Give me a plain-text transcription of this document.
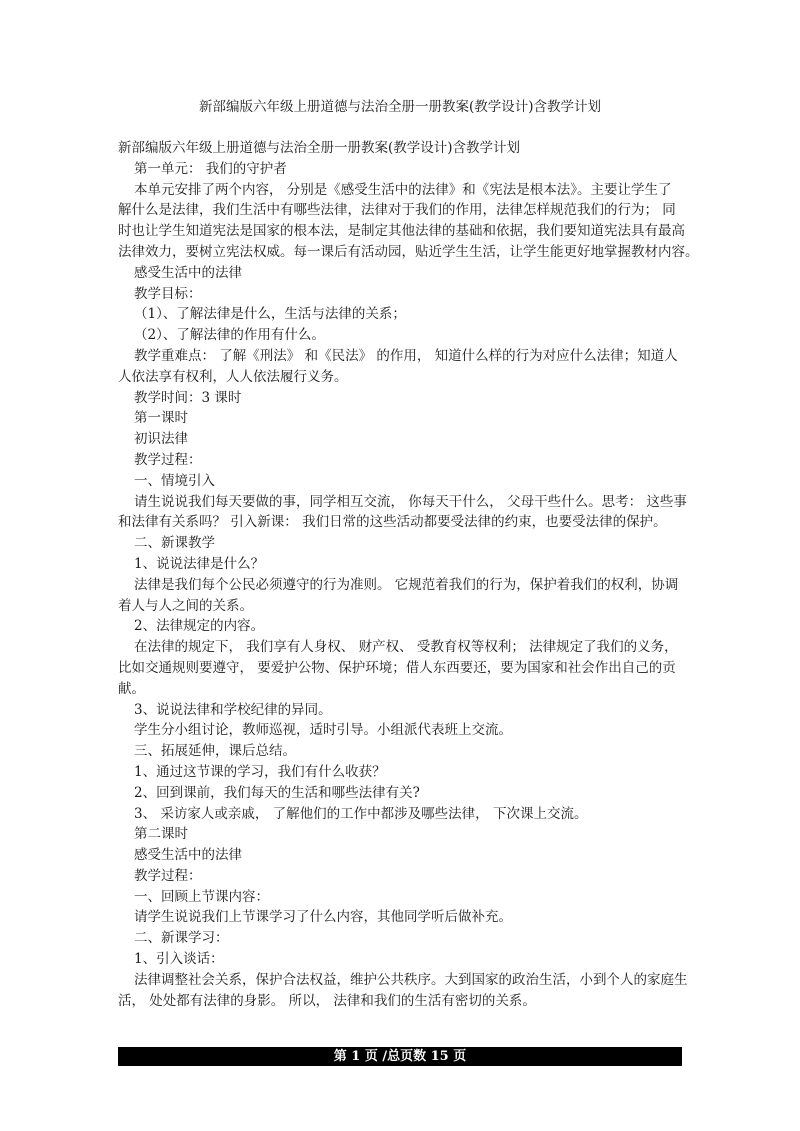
新部编版六年级上册道德与法治全册一册教案(教学设计)含教学计划

新部编版六年级上册道德与法治全册一册教案(教学设计)含教学计划

第一单元： 我们的守护者

本单元安排了两个内容， 分别是《感受生活中的法律》和《宪法是根本法》。主要让学生了

解什么是法律，我们生活中有哪些法律，法律对于我们的作用，法律怎样规范我们的行为； 同

时也让学生知道宪法是国家的根本法，是制定其他法律的基础和依据，我们要知道宪法具有最高

法律效力，要树立宪法权威。每一课后有活动园，贴近学生生活，让学生能更好地掌握教材内容。

感受生活中的法律

教学目标：

（1）、了解法律是什么，生活与法律的关系；

（2）、了解法律的作用有什么。

教学重难点： 了解《刑法》 和《民法》 的作用， 知道什么样的行为对应什么法律；知道人

人依法享有权利，人人依法履行义务。

教学时间：3 课时

第一课时

初识法律

教学过程：

一、情境引入

请生说说我们每天要做的事，同学相互交流， 你每天干什么， 父母干些什么。思考： 这些事

和法律有关系吗？ 引入新课： 我们日常的这些活动都要受法律的约束，也要受法律的保护。

二、新课教学

1、说说法律是什么？

法律是我们每个公民必须遵守的行为准则。 它规范着我们的行为，保护着我们的权利，协调

着人与人之间的关系。

2、法律规定的内容。

在法律的规定下， 我们享有人身权、 财产权、 受教育权等权利； 法律规定了我们的义务，

比如交通规则要遵守， 要爱护公物、保护环境；借人东西要还，要为国家和社会作出自己的贡

献。

3、说说法律和学校纪律的异同。

学生分小组讨论，教师巡视，适时引导。小组派代表班上交流。

三、拓展延伸，课后总结。

1、通过这节课的学习，我们有什么收获？

2、回到课前，我们每天的生活和哪些法律有关?

3、 采访家人或亲戚， 了解他们的工作中都涉及哪些法律， 下次课上交流。

第二课时

感受生活中的法律

教学过程：

一、回顾上节课内容：

请学生说说我们上节课学习了什么内容，其他同学听后做补充。

二、新课学习：

1、引入谈话：

法律调整社会关系，保护合法权益，维护公共秩序。大到国家的政治生活，小到个人的家庭生

活， 处处都有法律的身影。 所以， 法律和我们的生活有密切的关系。

第 1 页 /总页数 15 页
